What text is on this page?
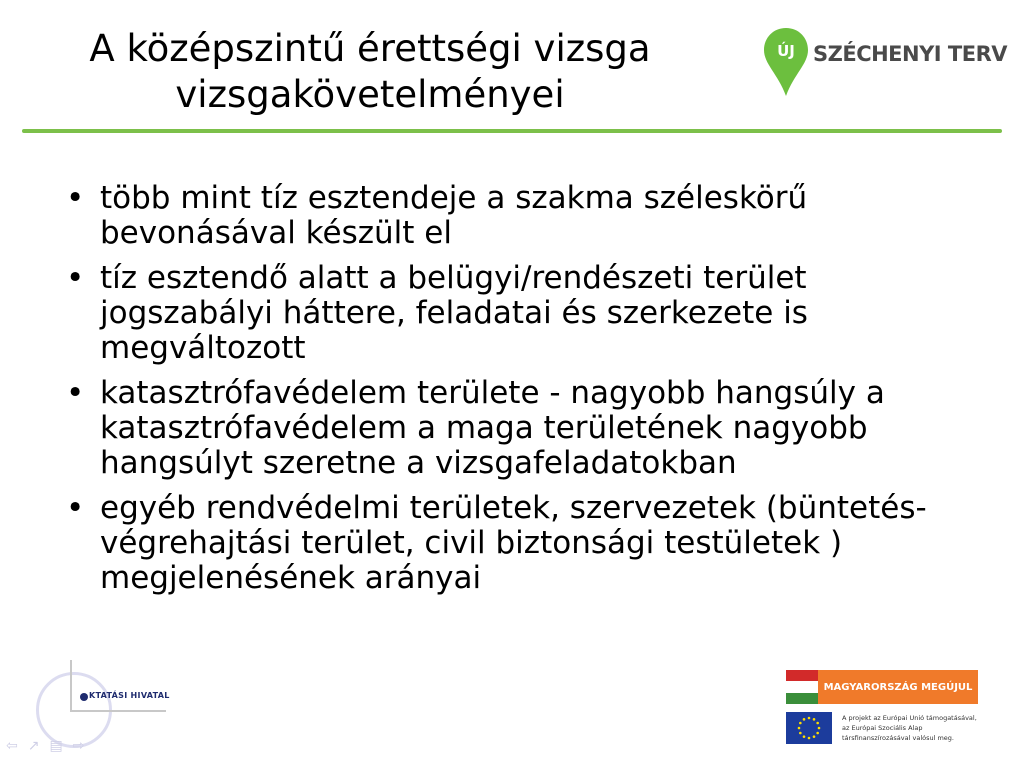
A középszintű érettségi vizsga
vizsgakövetelményei
ÚJ SZÉCHENYI TERV
• több mint tíz esztendeje a szakma széleskörű bevonásával készült el
• tíz esztendő alatt a belügyi/rendészeti terület jogszabályi háttere, feladatai és szerkezete is megváltozott
• katasztrófavédelem területe - nagyobb hangsúly a katasztrófavédelem a maga területének nagyobb hangsúlyt szeretne a vizsgafeladatokban
• egyéb rendvédelmi területek, szervezetek (büntetés-végrehajtási terület, civil biztonsági testületek ) megjelenésének arányai
KTATÁSI HIVATAL
⇦ ↗ ▤ ⇨
MAGYARORSZÁG MEGÚJUL
A projekt az Európai Unió támogatásával,
az Európai Szociális Alap
társfinanszírozásával valósul meg.
